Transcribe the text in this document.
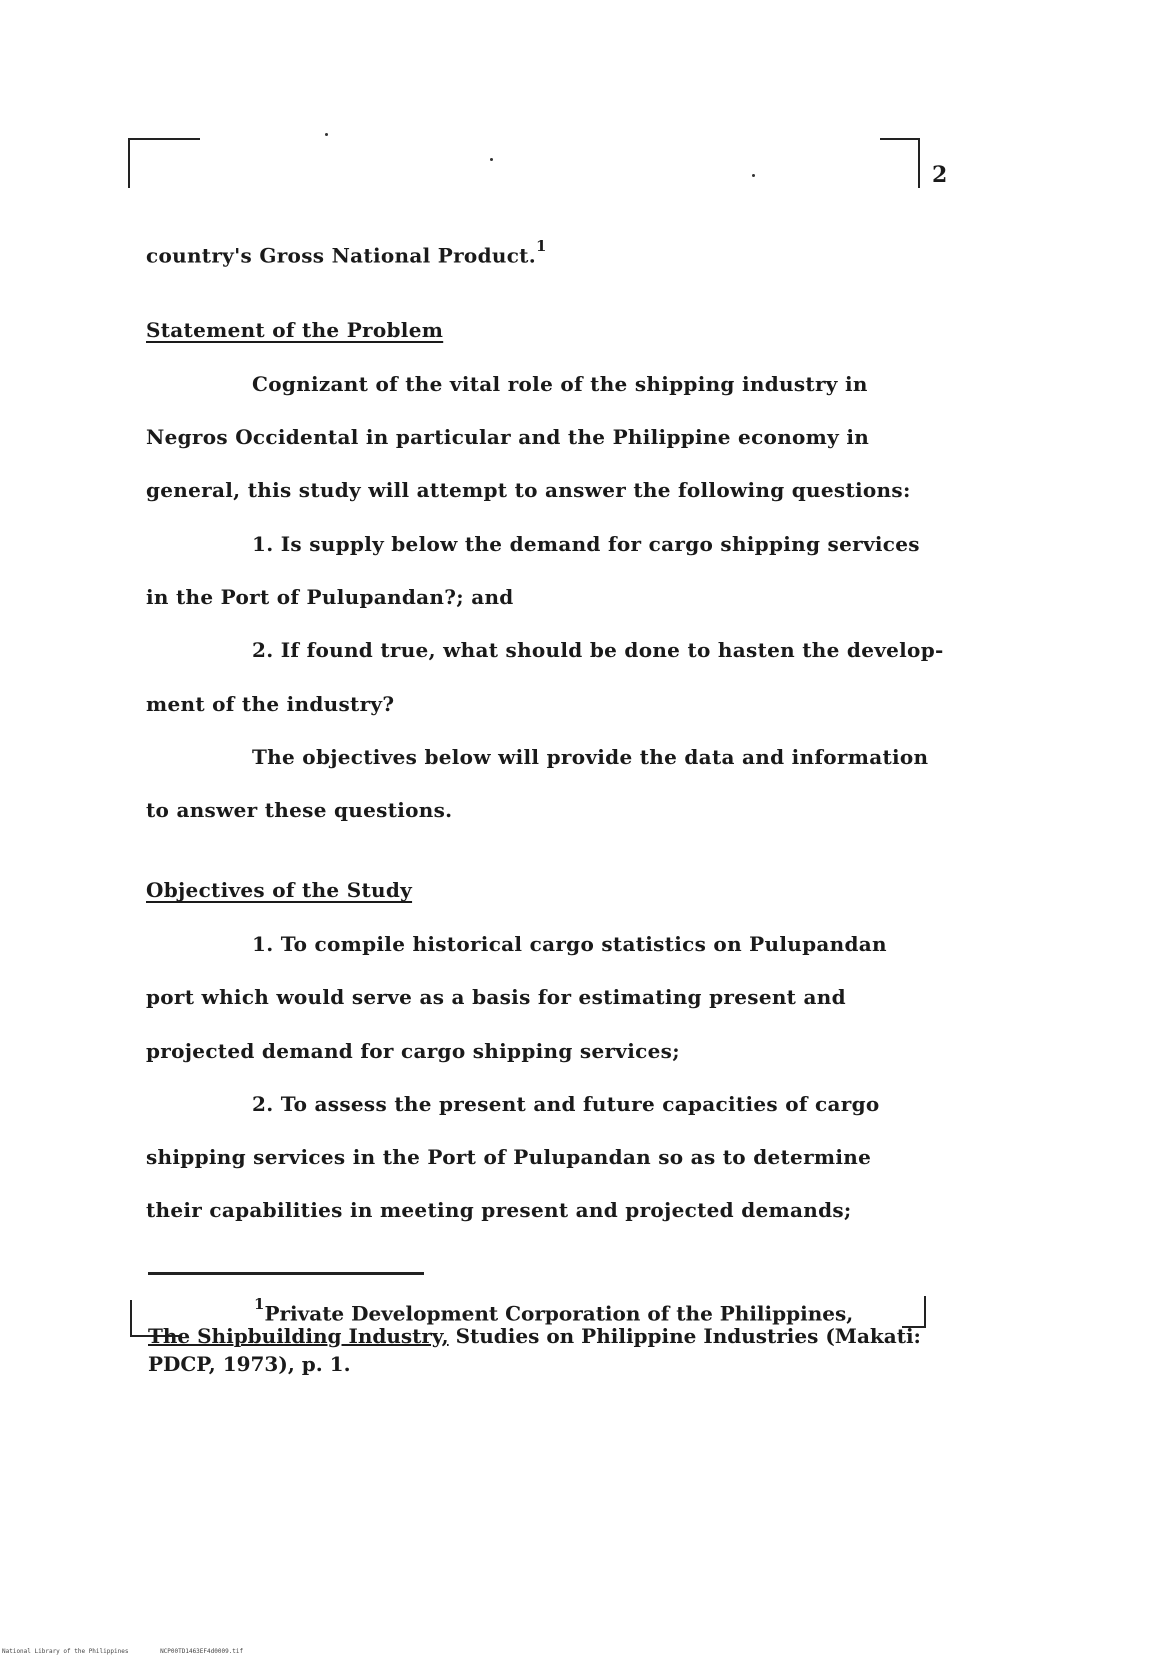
2
country's Gross National Product.$^1$
Statement of the Problem
Cognizant of the vital role of the shipping industry in
Negros Occidental in particular and the Philippine economy in
general, this study will attempt to answer the following questions:
1. Is supply below the demand for cargo shipping services
in the Port of Pulupandan?; and
2. If found true, what should be done to hasten the develop-
ment of the industry?
The objectives below will provide the data and information
to answer these questions.
Objectives of the Study
1. To compile historical cargo statistics on Pulupandan
port which would serve as a basis for estimating present and
projected demand for cargo shipping services;
2. To assess the present and future capacities of cargo
shipping services in the Port of Pulupandan so as to determine
their capabilities in meeting present and projected demands;
$^1$Private Development Corporation of the Philippines,
The Shipbuilding Industry, Studies on Philippine Industries (Makati:
PDCP, 1973), p. 1.
National Library of the Philippines	NCP00TD1463EF4d0009.tif
